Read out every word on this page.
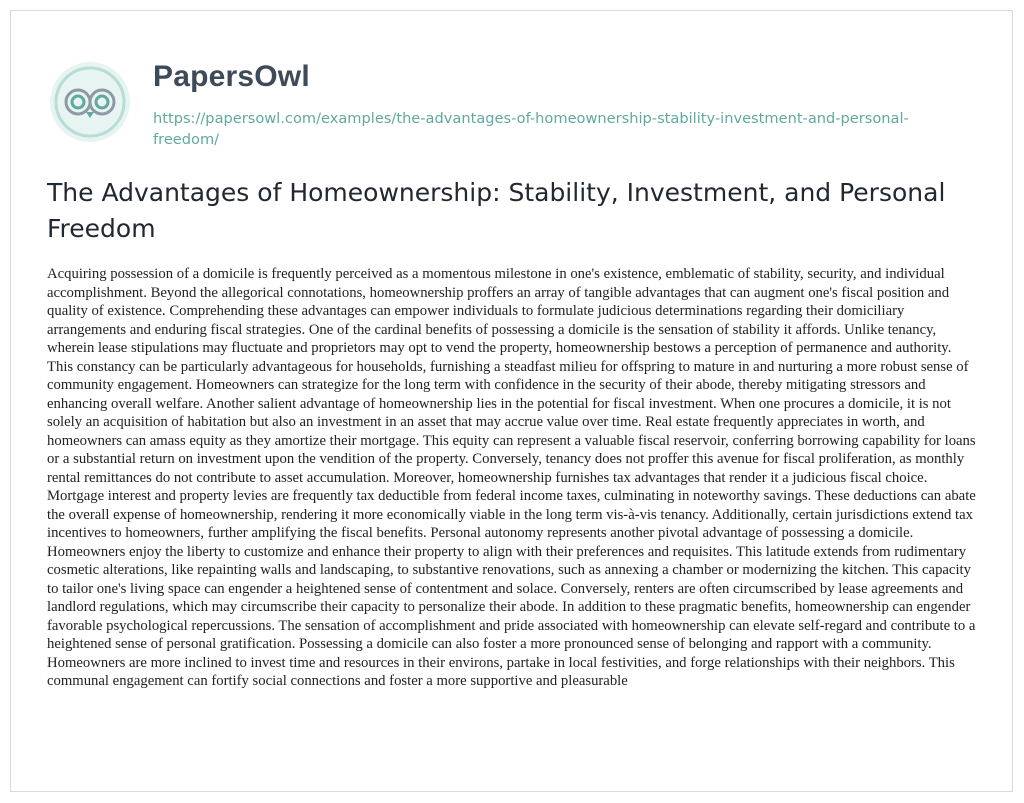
PapersOwl
https://papersowl.com/examples/the-advantages-of-homeownership-stability-investment-and-personal-freedom/
The Advantages of Homeownership: Stability, Investment, and Personal Freedom
Acquiring possession of a domicile is frequently perceived as a momentous milestone in one's existence, emblematic of stability, security, and individual accomplishment. Beyond the allegorical connotations, homeownership proffers an array of tangible advantages that can augment one's fiscal position and quality of existence. Comprehending these advantages can empower individuals to formulate judicious determinations regarding their domiciliary arrangements and enduring fiscal strategies. One of the cardinal benefits of possessing a domicile is the sensation of stability it affords. Unlike tenancy, wherein lease stipulations may fluctuate and proprietors may opt to vend the property, homeownership bestows a perception of permanence and authority. This constancy can be particularly advantageous for households, furnishing a steadfast milieu for offspring to mature in and nurturing a more robust sense of community engagement. Homeowners can strategize for the long term with confidence in the security of their abode, thereby mitigating stressors and enhancing overall welfare. Another salient advantage of homeownership lies in the potential for fiscal investment. When one procures a domicile, it is not solely an acquisition of habitation but also an investment in an asset that may accrue value over time. Real estate frequently appreciates in worth, and homeowners can amass equity as they amortize their mortgage. This equity can represent a valuable fiscal reservoir, conferring borrowing capability for loans or a substantial return on investment upon the vendition of the property. Conversely, tenancy does not proffer this avenue for fiscal proliferation, as monthly rental remittances do not contribute to asset accumulation. Moreover, homeownership furnishes tax advantages that render it a judicious fiscal choice. Mortgage interest and property levies are frequently tax deductible from federal income taxes, culminating in noteworthy savings. These deductions can abate the overall expense of homeownership, rendering it more economically viable in the long term vis-à-vis tenancy. Additionally, certain jurisdictions extend tax incentives to homeowners, further amplifying the fiscal benefits. Personal autonomy represents another pivotal advantage of possessing a domicile. Homeowners enjoy the liberty to customize and enhance their property to align with their preferences and requisites. This latitude extends from rudimentary cosmetic alterations, like repainting walls and landscaping, to substantive renovations, such as annexing a chamber or modernizing the kitchen. This capacity to tailor one's living space can engender a heightened sense of contentment and solace. Conversely, renters are often circumscribed by lease agreements and landlord regulations, which may circumscribe their capacity to personalize their abode. In addition to these pragmatic benefits, homeownership can engender favorable psychological repercussions. The sensation of accomplishment and pride associated with homeownership can elevate self-regard and contribute to a heightened sense of personal gratification. Possessing a domicile can also foster a more pronounced sense of belonging and rapport with a community. Homeowners are more inclined to invest time and resources in their environs, partake in local festivities, and forge relationships with their neighbors. This communal engagement can fortify social connections and foster a more supportive and pleasurable
